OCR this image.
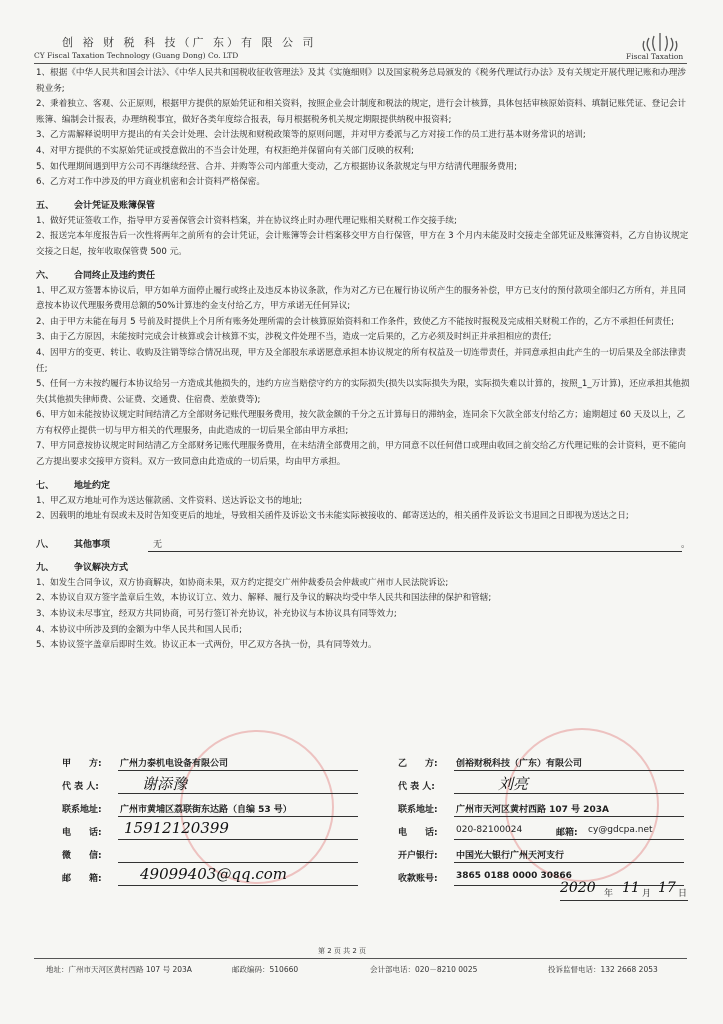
创 裕 财 税 科 技（广 东）有 限 公 司
CY Fiscal Taxation Technology (Guang Dong) Co. LTD	Fiscal Taxation

1、根据《中华人民共和国会计法》、《中华人民共和国税收征收管理法》及其《实施细则》以及国家税务总局颁发的《税务代理试行办法》及有关规定开展代理记账和办理涉税业务;

2、秉着独立、客观、公正原则，根据甲方提供的原始凭证和相关资料，按照企业会计制度和税法的规定，进行会计核算，具体包括审核原始资料、填制记账凭证、登记会计账簿、编制会计报表，办理纳税事宜，做好各类年度综合报表，每月根据税务机关规定期限提供纳税申报资料;

3、乙方需解释说明甲方提出的有关会计处理、会计法规和财税政策等的原则问题，并对甲方委派与乙方对接工作的员工进行基本财务常识的培训;

4、对甲方提供的不实原始凭证或授意做出的不当会计处理，有权拒绝并保留向有关部门反映的权利;

5、如代理期间遇到甲方公司不再继续经营、合并、并购等公司内部重大变动，乙方根据协议条款规定与甲方结清代理服务费用;

6、乙方对工作中涉及的甲方商业机密和会计资料严格保密。

五、 会计凭证及账簿保管

1、做好凭证签收工作，指导甲方妥善保管会计资料档案，并在协议终止时办理代理记账相关财税工作交接手续;

2、报送完本年度报告后一次性将两年之前所有的会计凭证，会计账簿等会计档案移交甲方自行保管，甲方在 3 个月内未能及时交接走全部凭证及账簿资料，乙方自协议规定交接之日起，按年收取保管费 500 元。

六、 合同终止及违约责任

1、甲乙双方签署本协议后，甲方如单方面停止履行或终止及违反本协议条款，作为对乙方已在履行协议所产生的服务补偿，甲方已支付的预付款项全部归乙方所有，并且同意按本协议代理服务费用总额的50%计算违约金支付给乙方，甲方承诺无任何异议;

2、由于甲方未能在每月 5 号前及时提供上个月所有账务处理所需的会计核算原始资料和工作条件，致使乙方不能按时报税及完成相关财税工作的，乙方不承担任何责任;

3、由于乙方原因，未能按时完成会计核算或会计核算不实，涉税文件处理不当，造成一定后果的，乙方必须及时纠正并承担相应的责任;

4、因甲方的变更、转让、收购及注销等综合情况出现，甲方及全部股东承诺愿意承担本协议规定的所有权益及一切连带责任，并同意承担由此产生的一切后果及全部法律责任;

5、任何一方未按约履行本协议给另一方造成其他损失的，违约方应当赔偿守约方的实际损失(损失以实际损失为限，实际损失难以计算的，按照_1_万计算)，还应承担其他损失(其他损失律师费、公证费、交通费、住宿费、差旅费等);

6、甲方如未能按协议规定时间结清乙方全部财务记账代理服务费用，按欠款金额的千分之五计算每日的滞纳金，连同余下欠款全部支付给乙方；逾期超过 60 天及以上，乙方有权停止提供一切与甲方相关的代理服务，由此造成的一切后果全部由甲方承担;

7、甲方同意按协议规定时间结清乙方全部财务记账代理服务费用，在未结清全部费用之前，甲方同意不以任何借口或理由收回之前交给乙方代理记账的会计资料，更不能向乙方提出要求交接甲方资料。双方一致同意由此造成的一切后果，均由甲方承担。

七、 地址约定

1、甲乙双方地址可作为送达催款函、文件资料、送达诉讼文书的地址;

2、因载明的地址有误或未及时告知变更后的地址，导致相关函件及诉讼文书未能实际被接收的、邮寄送达的，相关函件及诉讼文书退回之日即视为送达之日;

八、 其他事项	无	。
九、 争议解决方式

1、如发生合同争议，双方协商解决，如协商未果，双方约定提交广州仲裁委员会仲裁或广州市人民法院诉讼;

2、本协议自双方签字盖章后生效，本协议订立、效力、解释、履行及争议的解决均受中华人民共和国法律的保护和管辖;

3、本协议未尽事宜，经双方共同协商，可另行签订补充协议，补充协议与本协议具有同等效力;

4、本协议中所涉及到的金额为中华人民共和国人民币;

5、本协议签字盖章后即时生效。协议正本一式两份，甲乙双方各执一份，具有同等效力。

甲　　方: 广州力泰机电设备有限公司
代 表 人:	谢添豫
联系地址: 广州市黄埔区荔联街东达路（自编 53 号）
电　　话: 15912120399
微　　信:
邮　　箱:	49099403@qq.com
乙　　方: 创裕财税科技（广东）有限公司
代 表 人:	刘亮
联系地址: 广州市天河区黄村西路 107 号 203A
电　　话: 020-82100024	邮箱: cy@gdcpa.net
开户银行: 中国光大银行广州天河支行
收款账号: 3865 0188 0000 30866
2020 年 11 月 17 日
第 2 页 共 2 页
地址：广州市天河区黄村西路 107 号 203A	邮政编码：510660	会计部电话：020－8210 0025	投诉监督电话：132 2668 2053
